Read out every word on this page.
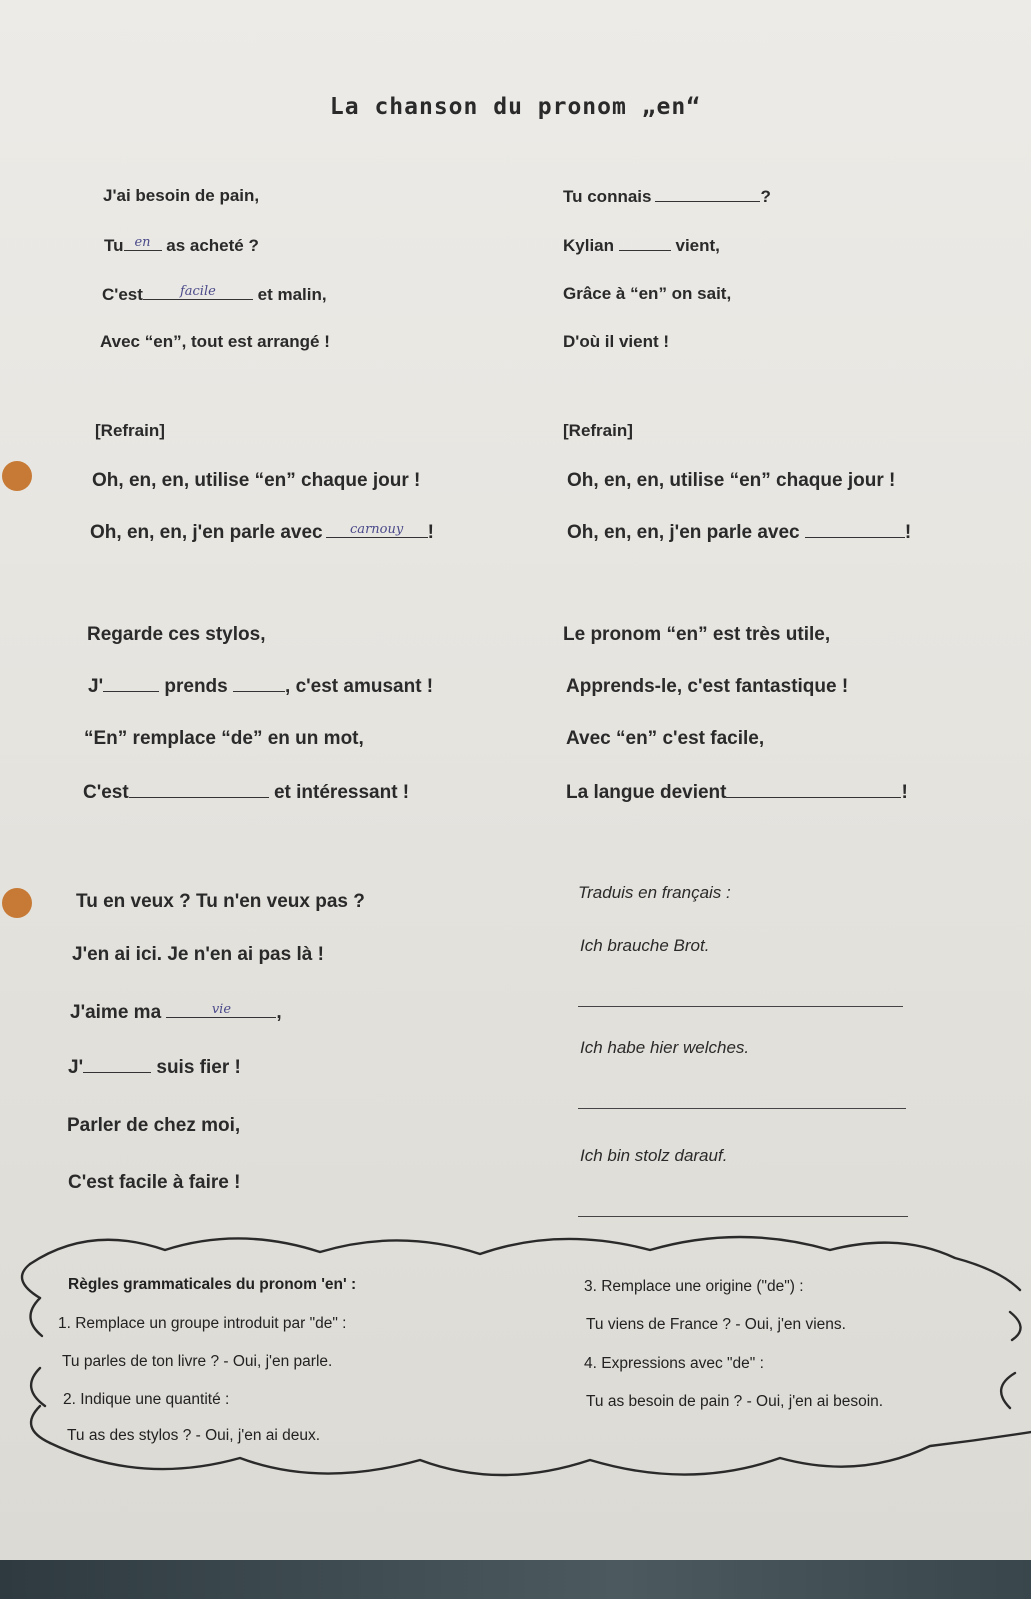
La chanson du pronom „en“
J'ai besoin de pain,
Tu en as acheté ?
C'est	facile	et malin,
Avec “en”, tout est arrangé !
Tu connais	?
Kylian	vient,
Grâce à “en” on sait,
D'où il vient !
[Refrain]	[Refrain]
Oh, en, en, utilise “en” chaque jour !	Oh, en, en, utilise “en” chaque jour !
Oh, en, en, j'en parle avec	carnouy	!	Oh, en, en, j'en parle avec	!
Regarde ces stylos,
J'	prends	, c'est amusant !
“En” remplace “de” en un mot,
C'est	et intéressant !
Le pronom “en” est très utile,
Apprends-le, c'est fantastique !
Avec “en” c'est facile,
La langue devient	!
Tu en veux ? Tu n'en veux pas ?
J'en ai ici. Je n'en ai pas là !
J'aime ma	vie	,
J'	suis fier !
Parler de chez moi,
C'est facile à faire !
Traduis en français :
Ich brauche Brot.
Ich habe hier welches.
Ich bin stolz darauf.
Règles grammaticales du pronom 'en' :
1. Remplace un groupe introduit par "de" :
Tu parles de ton livre ? - Oui, j'en parle.
2. Indique une quantité :
Tu as des stylos ? - Oui, j'en ai deux.
3. Remplace une origine ("de") :
Tu viens de France ? - Oui, j'en viens.
4. Expressions avec "de" :
Tu as besoin de pain ? - Oui, j'en ai besoin.
